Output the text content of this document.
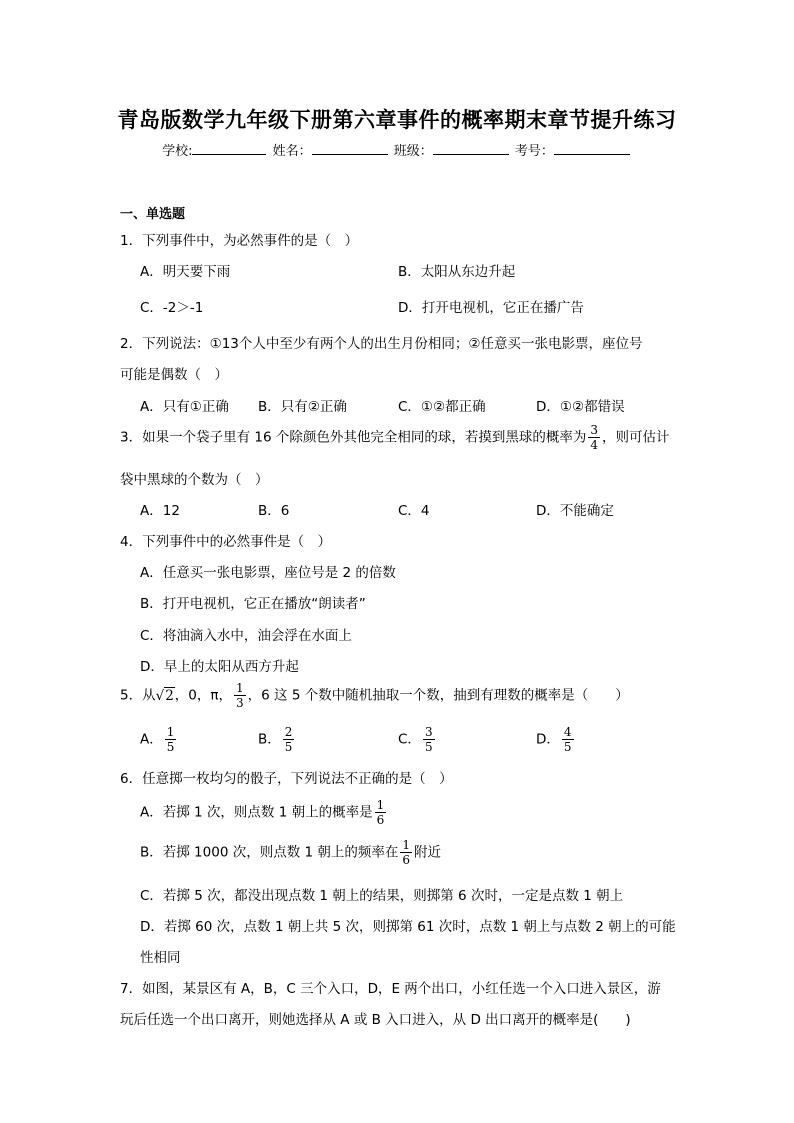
青岛版数学九年级下册第六章事件的概率期末章节提升练习
学校:	姓名：	班级：	考号：
一、单选题
1．下列事件中，为必然事件的是（　）
A．明天要下雨	B．太阳从东边升起
C．-2＞-1	D．打开电视机，它正在播广告
2．下列说法：①13个人中至少有两个人的出生月份相同；②任意买一张电影票，座位号
可能是偶数（　）
A．只有①正确 B．只有②正确	C．①②都正确	D．①②都错误
3．如果一个袋子里有 16 个除颜色外其他完全相同的球，若摸到黑球的概率为 $\frac{3}{4}$ ，则可估计
袋中黑球的个数为（　）
A．12	B．6	C．4	D．不能确定
4．下列事件中的必然事件是（　）
A．任意买一张电影票，座位号是 2 的倍数
B．打开电视机，它正在播放“朗读者”
C．将油滴入水中，油会浮在水面上
D．早上的太阳从西方升起
5．从√2，0，π， $\frac{1}{3}$ ，6 这 5 个数中随机抽取一个数，抽到有理数的概率是（　　）
A． $\frac{1}{5}$	B． $\frac{2}{5}$	C． $\frac{3}{5}$	D． $\frac{4}{5}$
6．任意掷一枚均匀的骰子，下列说法不正确的是（　）
A．若掷 1 次，则点数 1 朝上的概率是 $\frac{1}{6}$
B．若掷 1000 次，则点数 1 朝上的频率在 $\frac{1}{6}$ 附近
C．若掷 5 次，都没出现点数 1 朝上的结果，则掷第 6 次时，一定是点数 1 朝上
D．若掷 60 次，点数 1 朝上共 5 次，则掷第 61 次时，点数 1 朝上与点数 2 朝上的可能
性相同
7．如图，某景区有 A，B，C 三个入口，D，E 两个出口，小红任选一个入口进入景区，游
玩后任选一个出口离开，则她选择从 A 或 B 入口进入，从 D 出口离开的概率是(　　)
